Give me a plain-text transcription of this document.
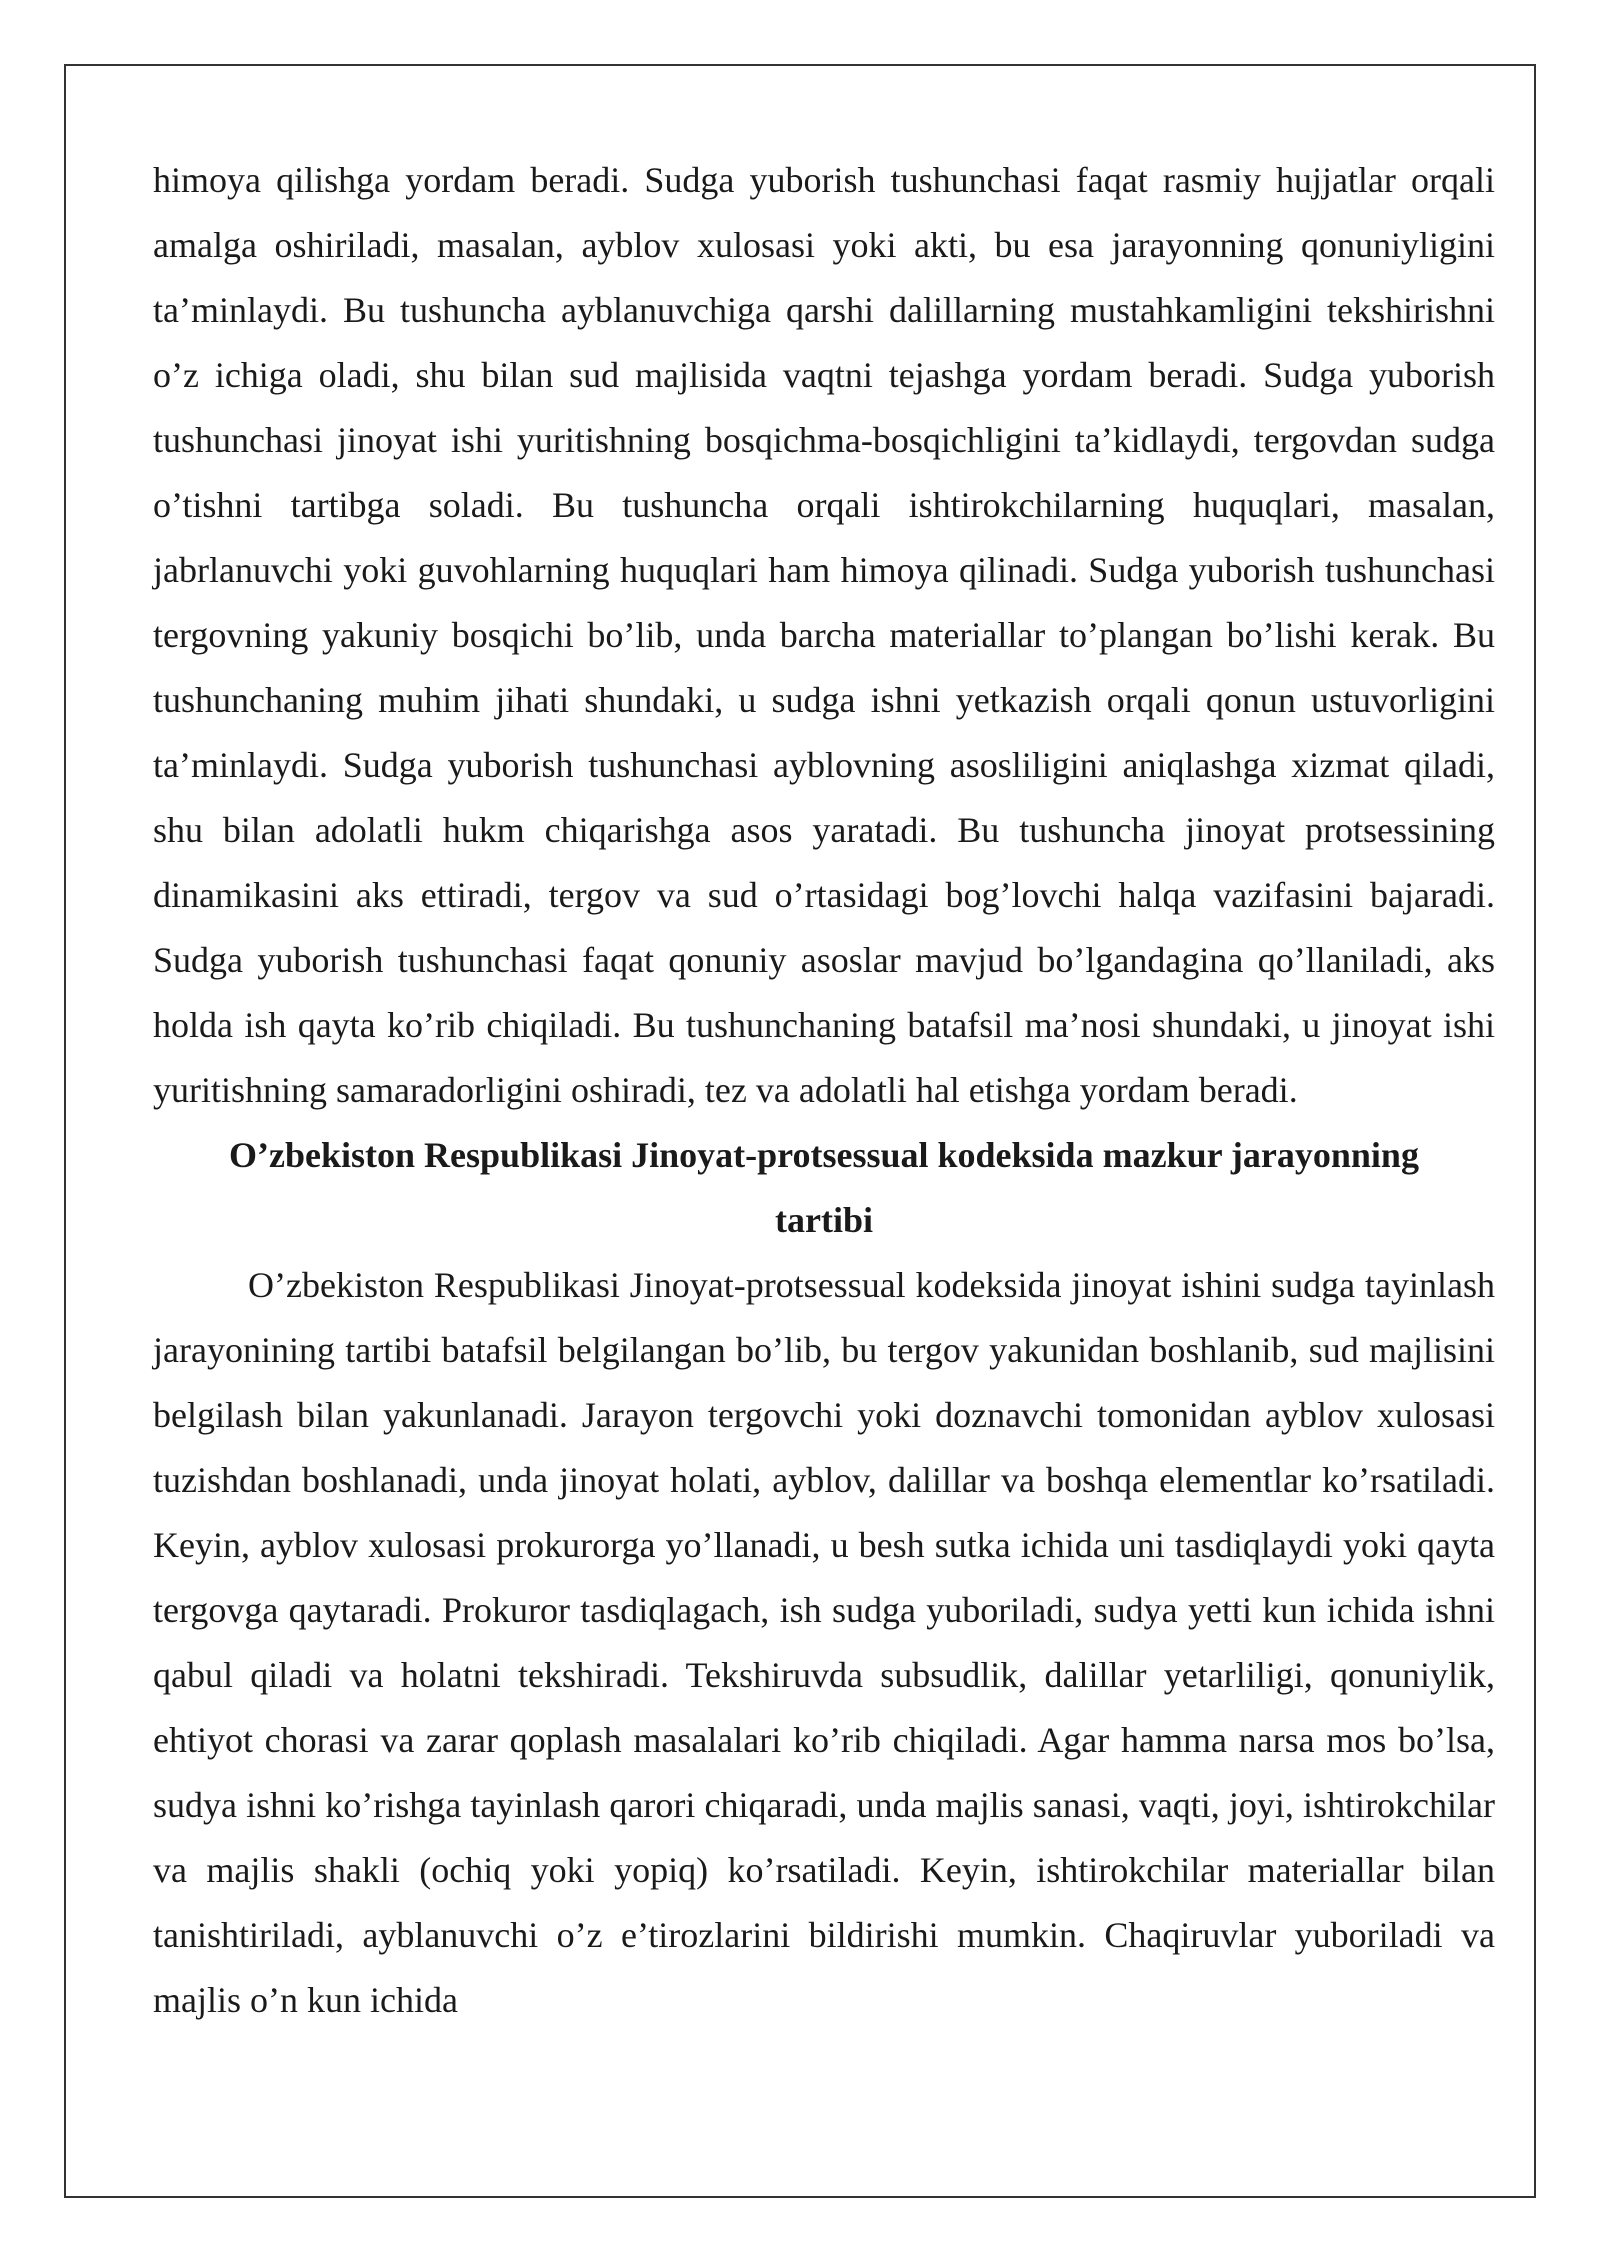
himoya qilishga yordam beradi. Sudga yuborish tushunchasi faqat rasmiy hujjatlar orqali amalga oshiriladi, masalan, ayblov xulosasi yoki akti, bu esa jarayonning qonuniyligini ta’minlaydi. Bu tushuncha ayblanuvchiga qarshi dalillarning mustahkamligini tekshirishni o’z ichiga oladi, shu bilan sud majlisida vaqtni tejashga yordam beradi. Sudga yuborish tushunchasi jinoyat ishi yuritishning bosqichma-bosqichligini ta’kidlaydi, tergovdan sudga o’tishni tartibga soladi. Bu tushuncha orqali ishtirokchilarning huquqlari, masalan, jabrlanuvchi yoki guvohlarning huquqlari ham himoya qilinadi. Sudga yuborish tushunchasi tergovning yakuniy bosqichi bo’lib, unda barcha materiallar to’plangan bo’lishi kerak. Bu tushunchaning muhim jihati shundaki, u sudga ishni yetkazish orqali qonun ustuvorligini ta’minlaydi. Sudga yuborish tushunchasi ayblovning asosliligini aniqlashga xizmat qiladi, shu bilan adolatli hukm chiqarishga asos yaratadi. Bu tushuncha jinoyat protsessining dinamikasini aks ettiradi, tergov va sud o’rtasidagi bog’lovchi halqa vazifasini bajaradi. Sudga yuborish tushunchasi faqat qonuniy asoslar mavjud bo’lgandagina qo’llaniladi, aks holda ish qayta ko’rib chiqiladi. Bu tushunchaning batafsil ma’nosi shundaki, u jinoyat ishi yuritishning samaradorligini oshiradi, tez va adolatli hal etishga yordam beradi.

O’zbekiston Respublikasi Jinoyat-protsessual kodeksida mazkur jarayonning tartibi

O’zbekiston Respublikasi Jinoyat-protsessual kodeksida jinoyat ishini sudga tayinlash jarayonining tartibi batafsil belgilangan bo’lib, bu tergov yakunidan boshlanib, sud majlisini belgilash bilan yakunlanadi. Jarayon tergovchi yoki doznavchi tomonidan ayblov xulosasi tuzishdan boshlanadi, unda jinoyat holati, ayblov, dalillar va boshqa elementlar ko’rsatiladi. Keyin, ayblov xulosasi prokurorga yo’llanadi, u besh sutka ichida uni tasdiqlaydi yoki qayta tergovga qaytaradi. Prokuror tasdiqlagach, ish sudga yuboriladi, sudya yetti kun ichida ishni qabul qiladi va holatni tekshiradi. Tekshiruvda subsudlik, dalillar yetarliligi, qonuniylik, ehtiyot chorasi va zarar qoplash masalalari ko’rib chiqiladi. Agar hamma narsa mos bo’lsa, sudya ishni ko’rishga tayinlash qarori chiqaradi, unda majlis sanasi, vaqti, joyi, ishtirokchilar va majlis shakli (ochiq yoki yopiq) ko’rsatiladi. Keyin, ishtirokchilar materiallar bilan tanishtiriladi, ayblanuvchi o’z e’tirozlarini bildirishi mumkin. Chaqiruvlar yuboriladi va majlis o’n kun ichida
